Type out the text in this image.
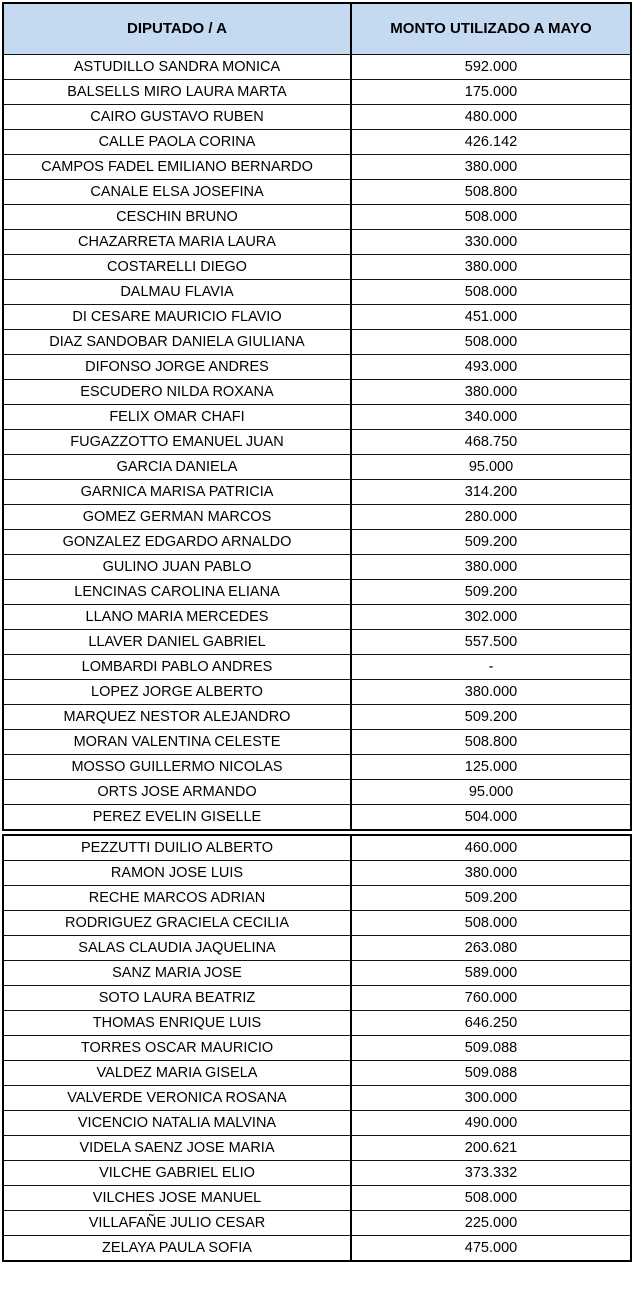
DIPUTADO / A	MONTO UTILIZADO A MAYO
ASTUDILLO SANDRA MONICA	592.000
BALSELLS MIRO LAURA MARTA	175.000
CAIRO GUSTAVO RUBEN	480.000
CALLE PAOLA CORINA	426.142
CAMPOS FADEL EMILIANO BERNARDO	380.000
CANALE ELSA JOSEFINA	508.800
CESCHIN BRUNO	508.000
CHAZARRETA MARIA LAURA	330.000
COSTARELLI DIEGO	380.000
DALMAU FLAVIA	508.000
DI CESARE MAURICIO FLAVIO	451.000
DIAZ SANDOBAR DANIELA GIULIANA	508.000
DIFONSO JORGE ANDRES	493.000
ESCUDERO NILDA ROXANA	380.000
FELIX OMAR CHAFI	340.000
FUGAZZOTTO EMANUEL JUAN	468.750
GARCIA DANIELA	95.000
GARNICA MARISA PATRICIA	314.200
GOMEZ GERMAN MARCOS	280.000
GONZALEZ EDGARDO ARNALDO	509.200
GULINO JUAN PABLO	380.000
LENCINAS CAROLINA ELIANA	509.200
LLANO MARIA MERCEDES	302.000
LLAVER DANIEL GABRIEL	557.500
LOMBARDI PABLO ANDRES	-
LOPEZ JORGE ALBERTO	380.000
MARQUEZ NESTOR ALEJANDRO	509.200
MORAN VALENTINA CELESTE	508.800
MOSSO GUILLERMO NICOLAS	125.000
ORTS JOSE ARMANDO	95.000
PEREZ EVELIN GISELLE	504.000
PEZZUTTI DUILIO ALBERTO	460.000
RAMON JOSE LUIS	380.000
RECHE MARCOS ADRIAN	509.200
RODRIGUEZ GRACIELA CECILIA	508.000
SALAS CLAUDIA JAQUELINA	263.080
SANZ MARIA JOSE	589.000
SOTO LAURA BEATRIZ	760.000
THOMAS ENRIQUE LUIS	646.250
TORRES OSCAR MAURICIO	509.088
VALDEZ MARIA GISELA	509.088
VALVERDE VERONICA ROSANA	300.000
VICENCIO NATALIA MALVINA	490.000
VIDELA SAENZ JOSE MARIA	200.621
VILCHE GABRIEL ELIO	373.332
VILCHES JOSE MANUEL	508.000
VILLAFAÑE JULIO CESAR	225.000
ZELAYA PAULA SOFIA	475.000
